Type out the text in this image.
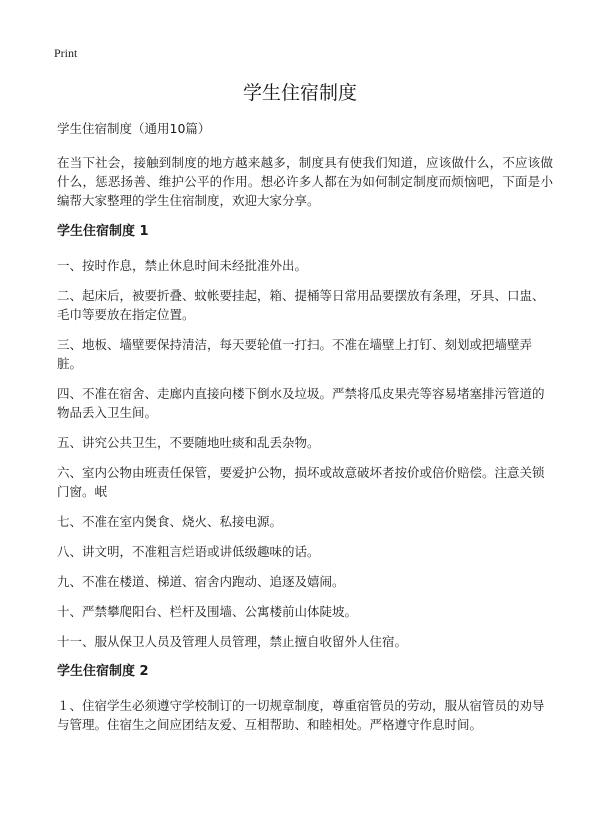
Print
学生住宿制度
学生住宿制度（通用10篇）
在当下社会，接触到制度的地方越来越多，制度具有使我们知道，应该做什么，不应该做什么，惩恶扬善、维护公平的作用。想必许多人都在为如何制定制度而烦恼吧，下面是小编帮大家整理的学生住宿制度，欢迎大家分享。
学生住宿制度 1
一、按时作息，禁止休息时间未经批准外出。
二、起床后，被要折叠、蚊帐要挂起，箱、提桶等日常用品要摆放有条理，牙具、口盅、毛巾等要放在指定位置。
三、地板、墙壁要保持清洁，每天要轮值一打扫。不准在墙壁上打钉、刻划或把墙壁弄脏。
四、不准在宿舍、走廊内直接向楼下倒水及垃圾。严禁将瓜皮果壳等容易堵塞排污管道的物品丢入卫生间。
五、讲究公共卫生，不要随地吐痰和乱丢杂物。
六、室内公物由班责任保管，要爱护公物，损坏或故意破坏者按价或倍价赔偿。注意关锁门窗。岷
七、不准在室内煲食、烧火、私接电源。
八、讲文明，不准粗言烂语或讲低级趣味的话。
九、不准在楼道、梯道、宿舍内跑动、追逐及嬉闹。
十、严禁攀爬阳台、栏杆及围墙、公寓楼前山体陡坡。
十一、服从保卫人员及管理人员管理，禁止擅自收留外人住宿。
学生住宿制度 2
１、住宿学生必须遵守学校制订的一切规章制度，尊重宿管员的劳动，服从宿管员的劝导与管理。住宿生之间应团结友爱、互相帮助、和睦相处。严格遵守作息时间。
